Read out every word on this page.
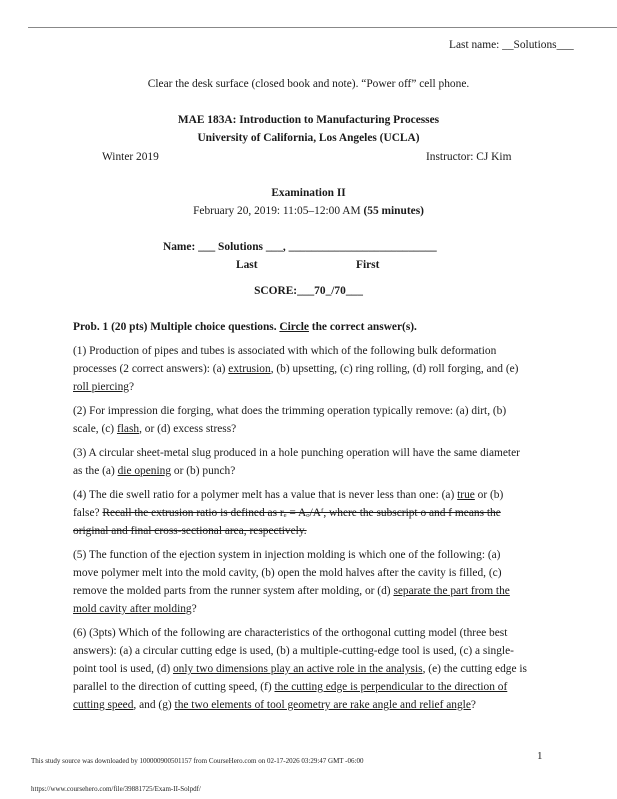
Last name: __Solutions___
Clear the desk surface (closed book and note). “Power off” cell phone.
MAE 183A: Introduction to Manufacturing Processes
University of California, Los Angeles (UCLA)
Winter 2019	Instructor: CJ Kim
Examination II
February 20, 2019: 11:05–12:00 AM (55 minutes)
Name: ___ Solutions ___, __________________________
Last	First
SCORE:___70_/70___
Prob. 1 (20 pts) Multiple choice questions. Circle the correct answer(s).
(1) Production of pipes and tubes is associated with which of the following bulk deformation
processes (2 correct answers): (a) extrusion, (b) upsetting, (c) ring rolling, (d) roll forging, and (e)
roll piercing?
(2) For impression die forging, what does the trimming operation typically remove: (a) dirt, (b)
scale, (c) flash, or (d) excess stress?
(3) A circular sheet-metal slug produced in a hole punching operation will have the same diameter
as the (a) die opening or (b) punch?
(4) The die swell ratio for a polymer melt has a value that is never less than one: (a) true or (b)
false? Recall the extrusion ratio is defined as rₑ = Aₒ/Aᶠ, where the subscript o and f means the
original and final cross-sectional area, respectively.
(5) The function of the ejection system in injection molding is which one of the following: (a)
move polymer melt into the mold cavity, (b) open the mold halves after the cavity is filled, (c)
remove the molded parts from the runner system after molding, or (d) separate the part from the
mold cavity after molding?
(6) (3pts) Which of the following are characteristics of the orthogonal cutting model (three best
answers): (a) a circular cutting edge is used, (b) a multiple-cutting-edge tool is used, (c) a single-
point tool is used, (d) only two dimensions play an active role in the analysis, (e) the cutting edge is
parallel to the direction of cutting speed, (f) the cutting edge is perpendicular to the direction of
cutting speed, and (g) the two elements of tool geometry are rake angle and relief angle?
1
This study source was downloaded by 100000900501157 from CourseHero.com on 02-17-2026 03:29:47 GMT -06:00
https://www.coursehero.com/file/39881725/Exam-II-Solpdf/
